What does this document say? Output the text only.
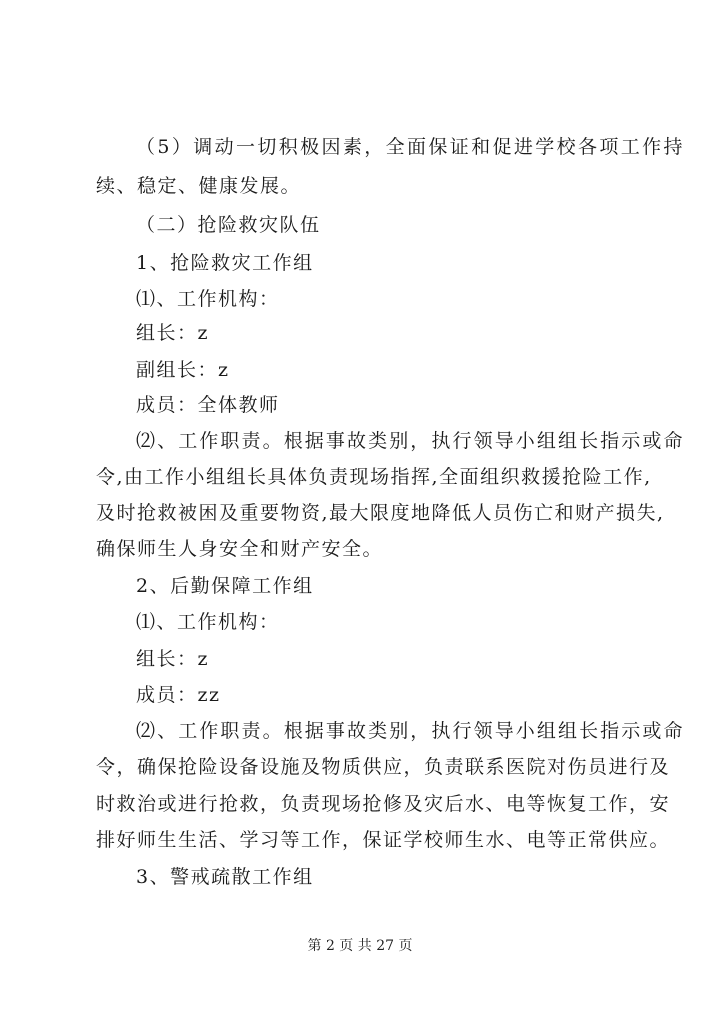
（5）调动一切积极因素，全面保证和促进学校各项工作持
续、稳定、健康发展。
（二）抢险救灾队伍
1、抢险救灾工作组
⑴、工作机构：
组长：z
副组长：z
成员：全体教师
⑵、工作职责。根据事故类别，执行领导小组组长指示或命
令,由工作小组组长具体负责现场指挥,全面组织救援抢险工作,
及时抢救被困及重要物资,最大限度地降低人员伤亡和财产损失,
确保师生人身安全和财产安全。
2、后勤保障工作组
⑴、工作机构：
组长：z
成员：zz
⑵、工作职责。根据事故类别，执行领导小组组长指示或命
令，确保抢险设备设施及物质供应，负责联系医院对伤员进行及
时救治或进行抢救，负责现场抢修及灾后水、电等恢复工作，安
排好师生生活、学习等工作，保证学校师生水、电等正常供应。
3、警戒疏散工作组
第 2 页 共 27 页
